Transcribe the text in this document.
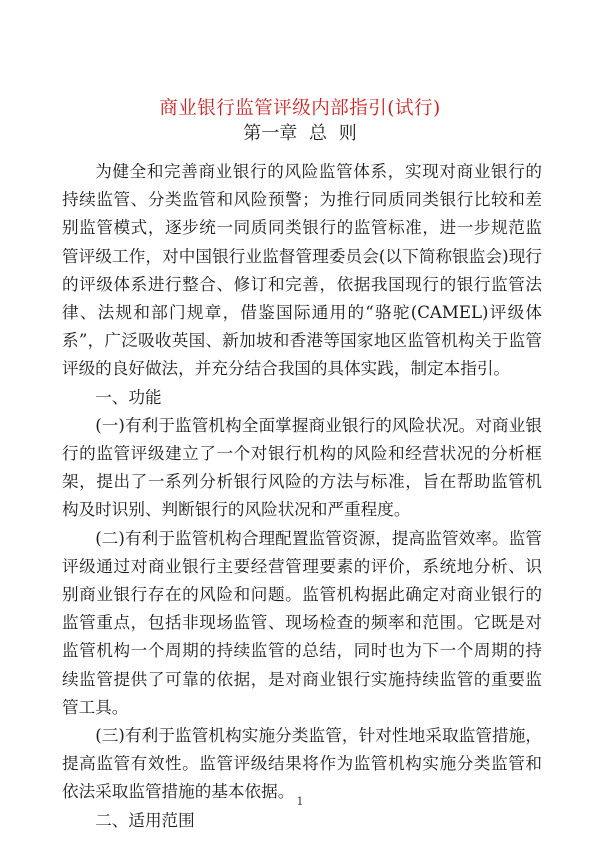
商业银行监管评级内部指引(试行)
第一章 总 则

为健全和完善商业银行的风险监管体系，实现对商业银行的持续监管、分类监管和风险预警；为推行同质同类银行比较和差别监管模式，逐步统一同质同类银行的监管标准，进一步规范监管评级工作，对中国银行业监督管理委员会(以下简称银监会)现行的评级体系进行整合、修订和完善，依据我国现行的银行监管法律、法规和部门规章，借鉴国际通用的“骆驼(CAMEL)评级体系”，广泛吸收英国、新加坡和香港等国家地区监管机构关于监管评级的良好做法，并充分结合我国的具体实践，制定本指引。

一、功能

(一)有利于监管机构全面掌握商业银行的风险状况。对商业银行的监管评级建立了一个对银行机构的风险和经营状况的分析框架，提出了一系列分析银行风险的方法与标准，旨在帮助监管机构及时识别、判断银行的风险状况和严重程度。

(二)有利于监管机构合理配置监管资源，提高监管效率。监管评级通过对商业银行主要经营管理要素的评价，系统地分析、识别商业银行存在的风险和问题。监管机构据此确定对商业银行的监管重点，包括非现场监管、现场检查的频率和范围。它既是对监管机构一个周期的持续监管的总结，同时也为下一个周期的持续监管提供了可靠的依据，是对商业银行实施持续监管的重要监管工具。

(三)有利于监管机构实施分类监管，针对性地采取监管措施，提高监管有效性。监管评级结果将作为监管机构实施分类监管和依法采取监管措施的基本依据。

二、适用范围

1
